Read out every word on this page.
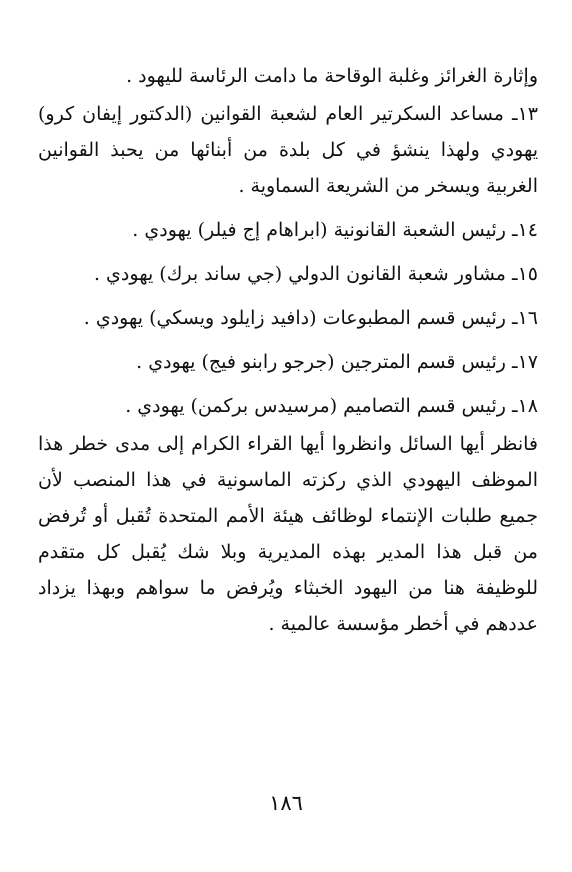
وإثارة الغرائز وغلبة الوقاحة ما دامت الرئاسة لليهود .

١٣ـ مساعد السكرتير العام لشعبة القوانين (الدكتور إيفان كرو) يهودي ولهذا ينشؤ في كل بلدة من أبنائها من يحبذ القوانين الغربية ويسخر من الشريعة السماوية .

١٤ـ رئيس الشعبة القانونية (ابراهام إج فيلر) يهودي .

١٥ـ مشاور شعبة القانون الدولي (جي ساند برك) يهودي .

١٦ـ رئيس قسم المطبوعات (دافيد زايلود ويسكي) يهودي .

١٧ـ رئيس قسم المترجين (جرجو رابنو فيج) يهودي .

١٨ـ رئيس قسم التصاميم (مرسيدس بركمن) يهودي .

فانظر أيها السائل وانظروا أيها القراء الكرام إلى مدى خطر هذا الموظف اليهودي الذي ركزته الماسونية في هذا المنصب لأن جميع طلبات الإنتماء لوظائف هيئة الأمم المتحدة تُقبل أو تُرفض من قبل هذا المدير بهذه المديرية وبلا شك يُقبل كل متقدم للوظيفة هنا من اليهود الخبثاء ويُرفض ما سواهم وبهذا يزداد عددهم في أخطر مؤسسة عالمية .

١٨٦
